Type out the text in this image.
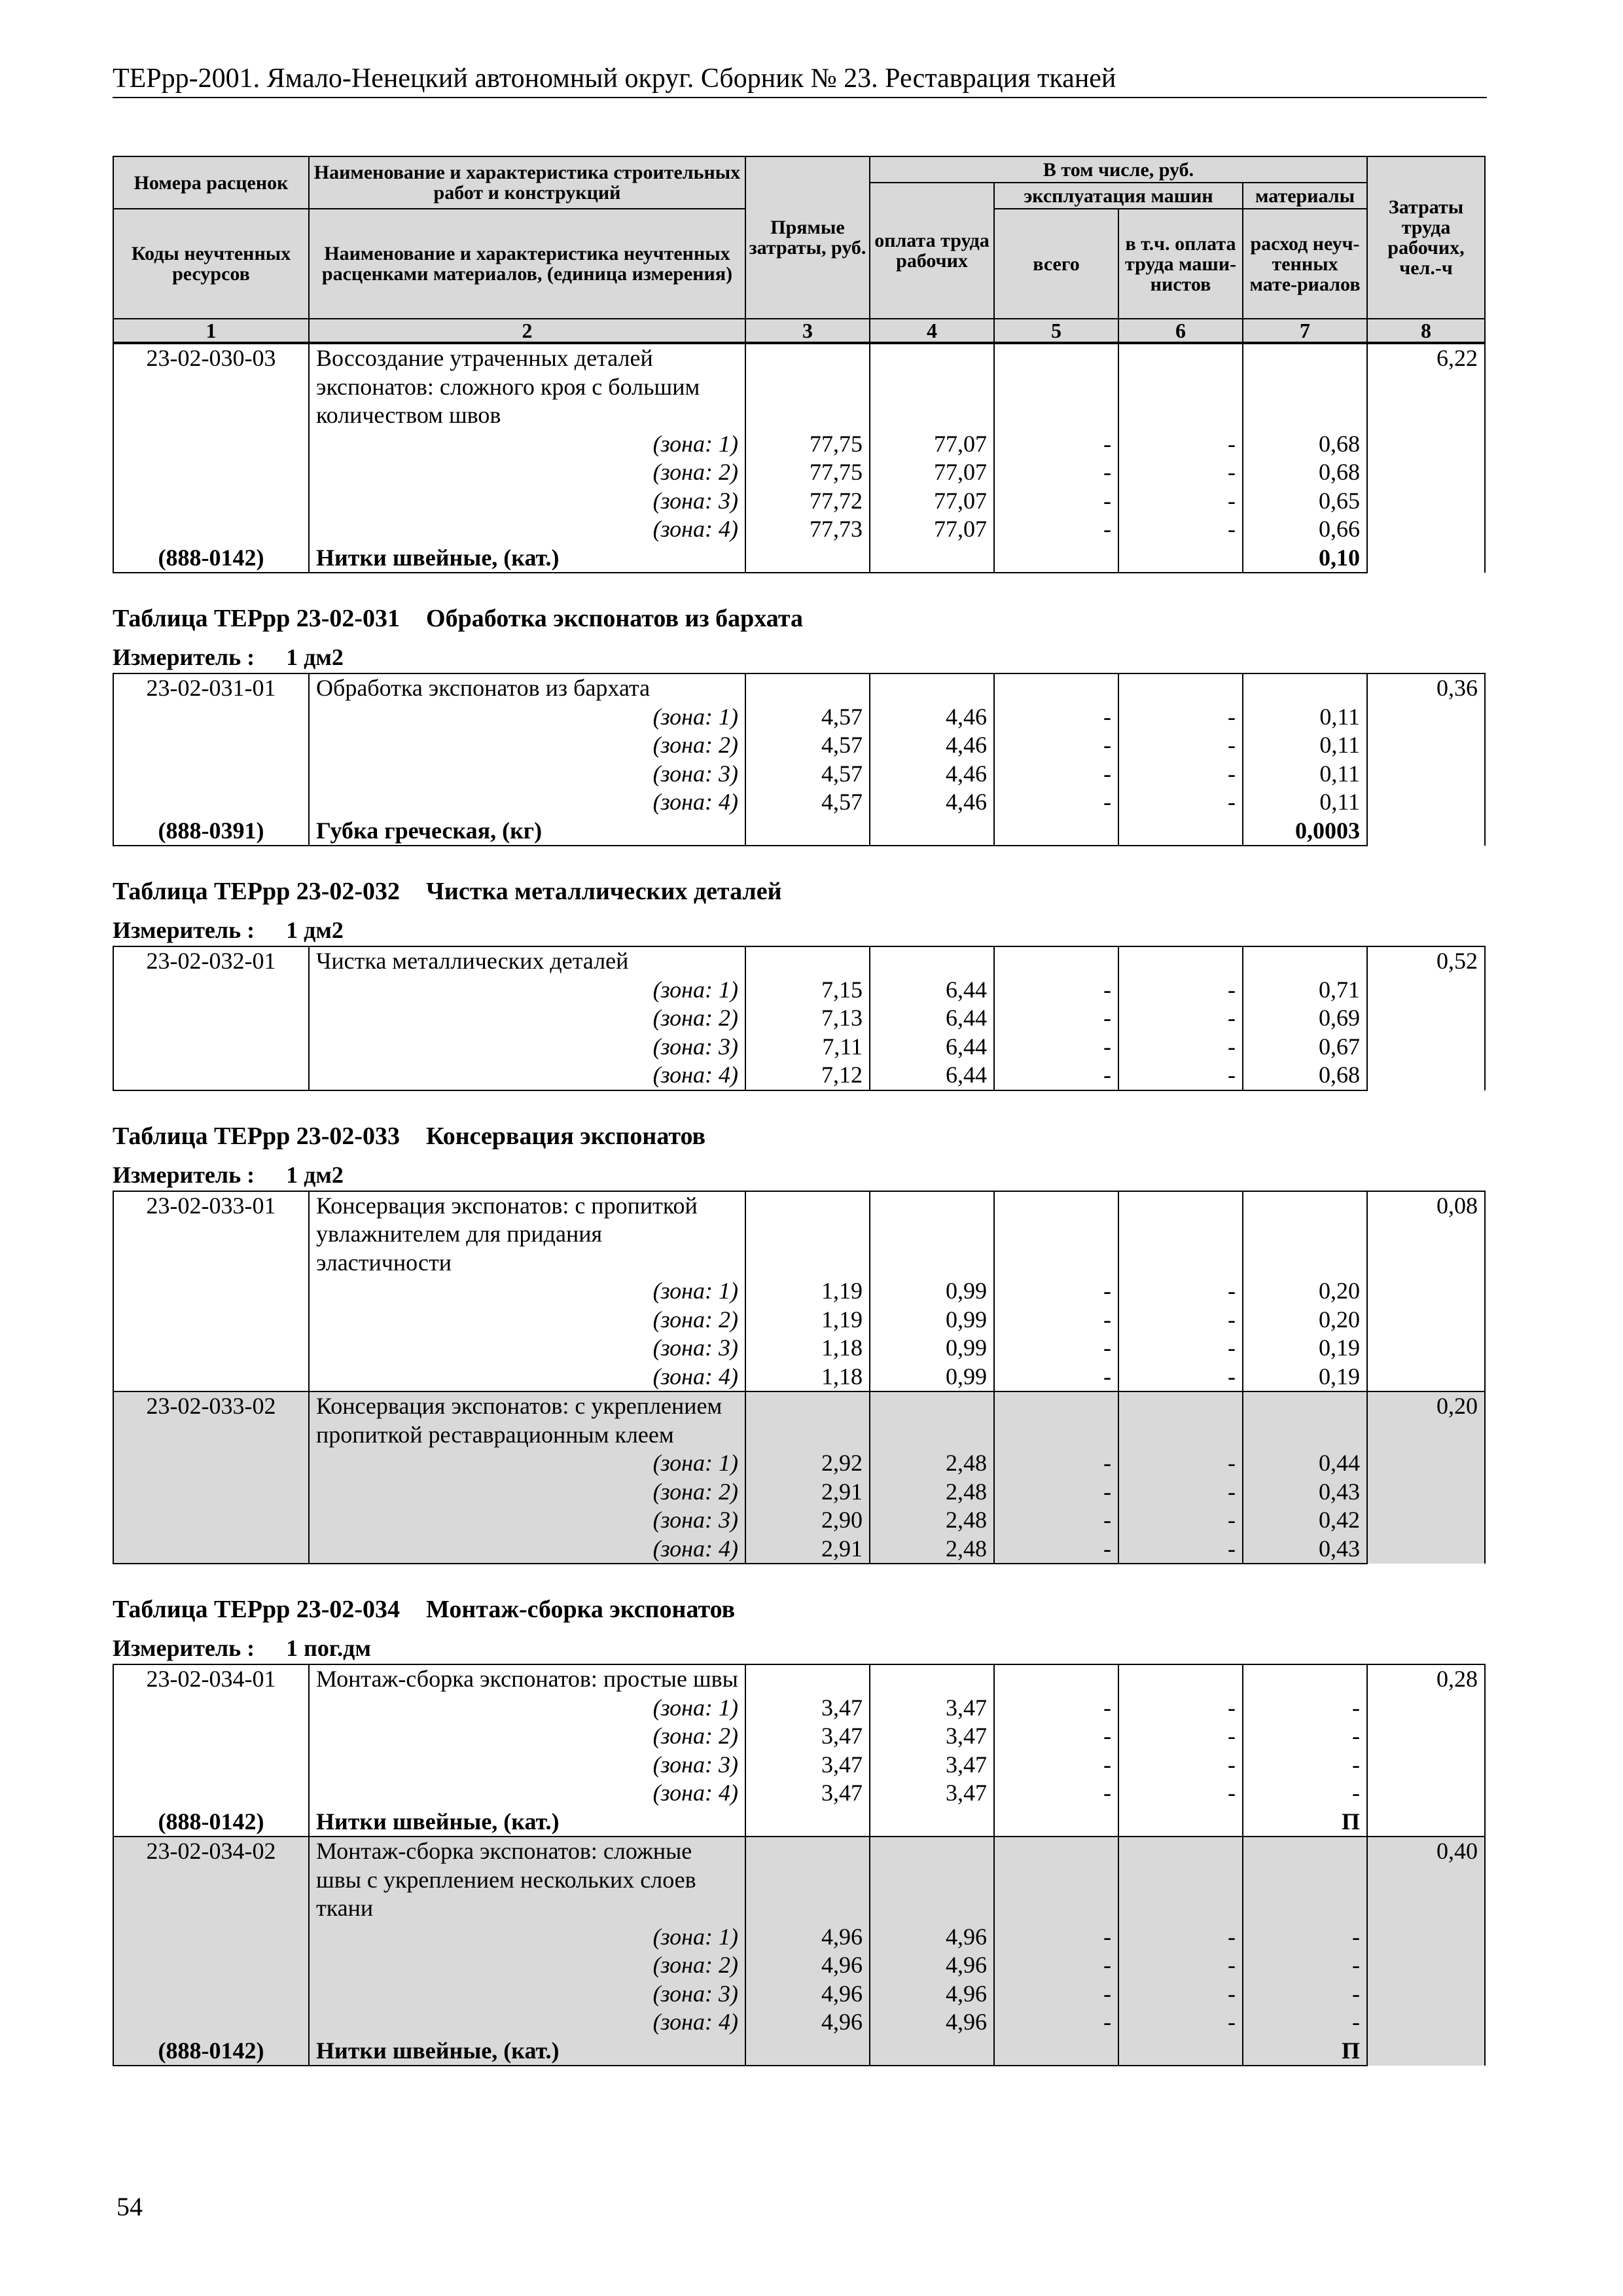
ТЕРрр-2001. Ямало-Ненецкий автономный округ. Сборник № 23. Реставрация тканей
Номера расценок	Наименование и характеристика строительных работ и конструкций	Прямые затраты, руб.	В том числе, руб.				Затраты труда рабочих, чел.-ч
			оплата труда рабочих	эксплуатация машин		материалы	
Коды неучтенных ресурсов	Наименование и характеристика неучтенных расценками материалов, (единица измерения)			всего	в т.ч. оплата труда маши-нистов	расход неуч-тенных мате-риалов	

1	2	3	4	5	6	7	8
23-02-030-03	Воссоздание утраченных деталей экспонатов: сложного кроя с большим количеством швов						6,22
	(зона: 1)	77,75	77,07	-	-	0,68	
	(зона: 2)	77,75	77,07	-	-	0,68	
	(зона: 3)	77,72	77,07	-	-	0,65	
	(зона: 4)	77,73	77,07	-	-	0,66	
(888-0142)	Нитки швейные, (кат.)					0,10	
Таблица ТЕРрр 23-02-031 Обработка экспонатов из бархата
Измеритель : 1 дм2
23-02-031-01	Обработка экспонатов из бархата						0,36
	(зона: 1)	4,57	4,46	-	-	0,11	
	(зона: 2)	4,57	4,46	-	-	0,11	
	(зона: 3)	4,57	4,46	-	-	0,11	
	(зона: 4)	4,57	4,46	-	-	0,11	
(888-0391)	Губка греческая, (кг)					0,0003	
Таблица ТЕРрр 23-02-032 Чистка металлических деталей
Измеритель : 1 дм2
23-02-032-01	Чистка металлических деталей						0,52
	(зона: 1)	7,15	6,44	-	-	0,71	
	(зона: 2)	7,13	6,44	-	-	0,69	
	(зона: 3)	7,11	6,44	-	-	0,67	
	(зона: 4)	7,12	6,44	-	-	0,68	
Таблица ТЕРрр 23-02-033 Консервация экспонатов
Измеритель : 1 дм2
23-02-033-01	Консервация экспонатов: с пропиткой увлажнителем для придания эластичности						0,08
	(зона: 1)	1,19	0,99	-	-	0,20	
	(зона: 2)	1,19	0,99	-	-	0,20	
	(зона: 3)	1,18	0,99	-	-	0,19	
	(зона: 4)	1,18	0,99	-	-	0,19	
23-02-033-02	Консервация экспонатов: с укреплением пропиткой реставрационным клеем						0,20
	(зона: 1)	2,92	2,48	-	-	0,44	
	(зона: 2)	2,91	2,48	-	-	0,43	
	(зона: 3)	2,90	2,48	-	-	0,42	
	(зона: 4)	2,91	2,48	-	-	0,43	
Таблица ТЕРрр 23-02-034 Монтаж-сборка экспонатов
Измеритель : 1 пог.дм
23-02-034-01	Монтаж-сборка экспонатов: простые швы						0,28
	(зона: 1)	3,47	3,47	-	-	-	
	(зона: 2)	3,47	3,47	-	-	-	
	(зона: 3)	3,47	3,47	-	-	-	
	(зона: 4)	3,47	3,47	-	-	-	
(888-0142)	Нитки швейные, (кат.)					П	
23-02-034-02	Монтаж-сборка экспонатов: сложные швы с укреплением нескольких слоев ткани						0,40
	(зона: 1)	4,96	4,96	-	-	-	
	(зона: 2)	4,96	4,96	-	-	-	
	(зона: 3)	4,96	4,96	-	-	-	
	(зона: 4)	4,96	4,96	-	-	-	
(888-0142)	Нитки швейные, (кат.)					П	
54
